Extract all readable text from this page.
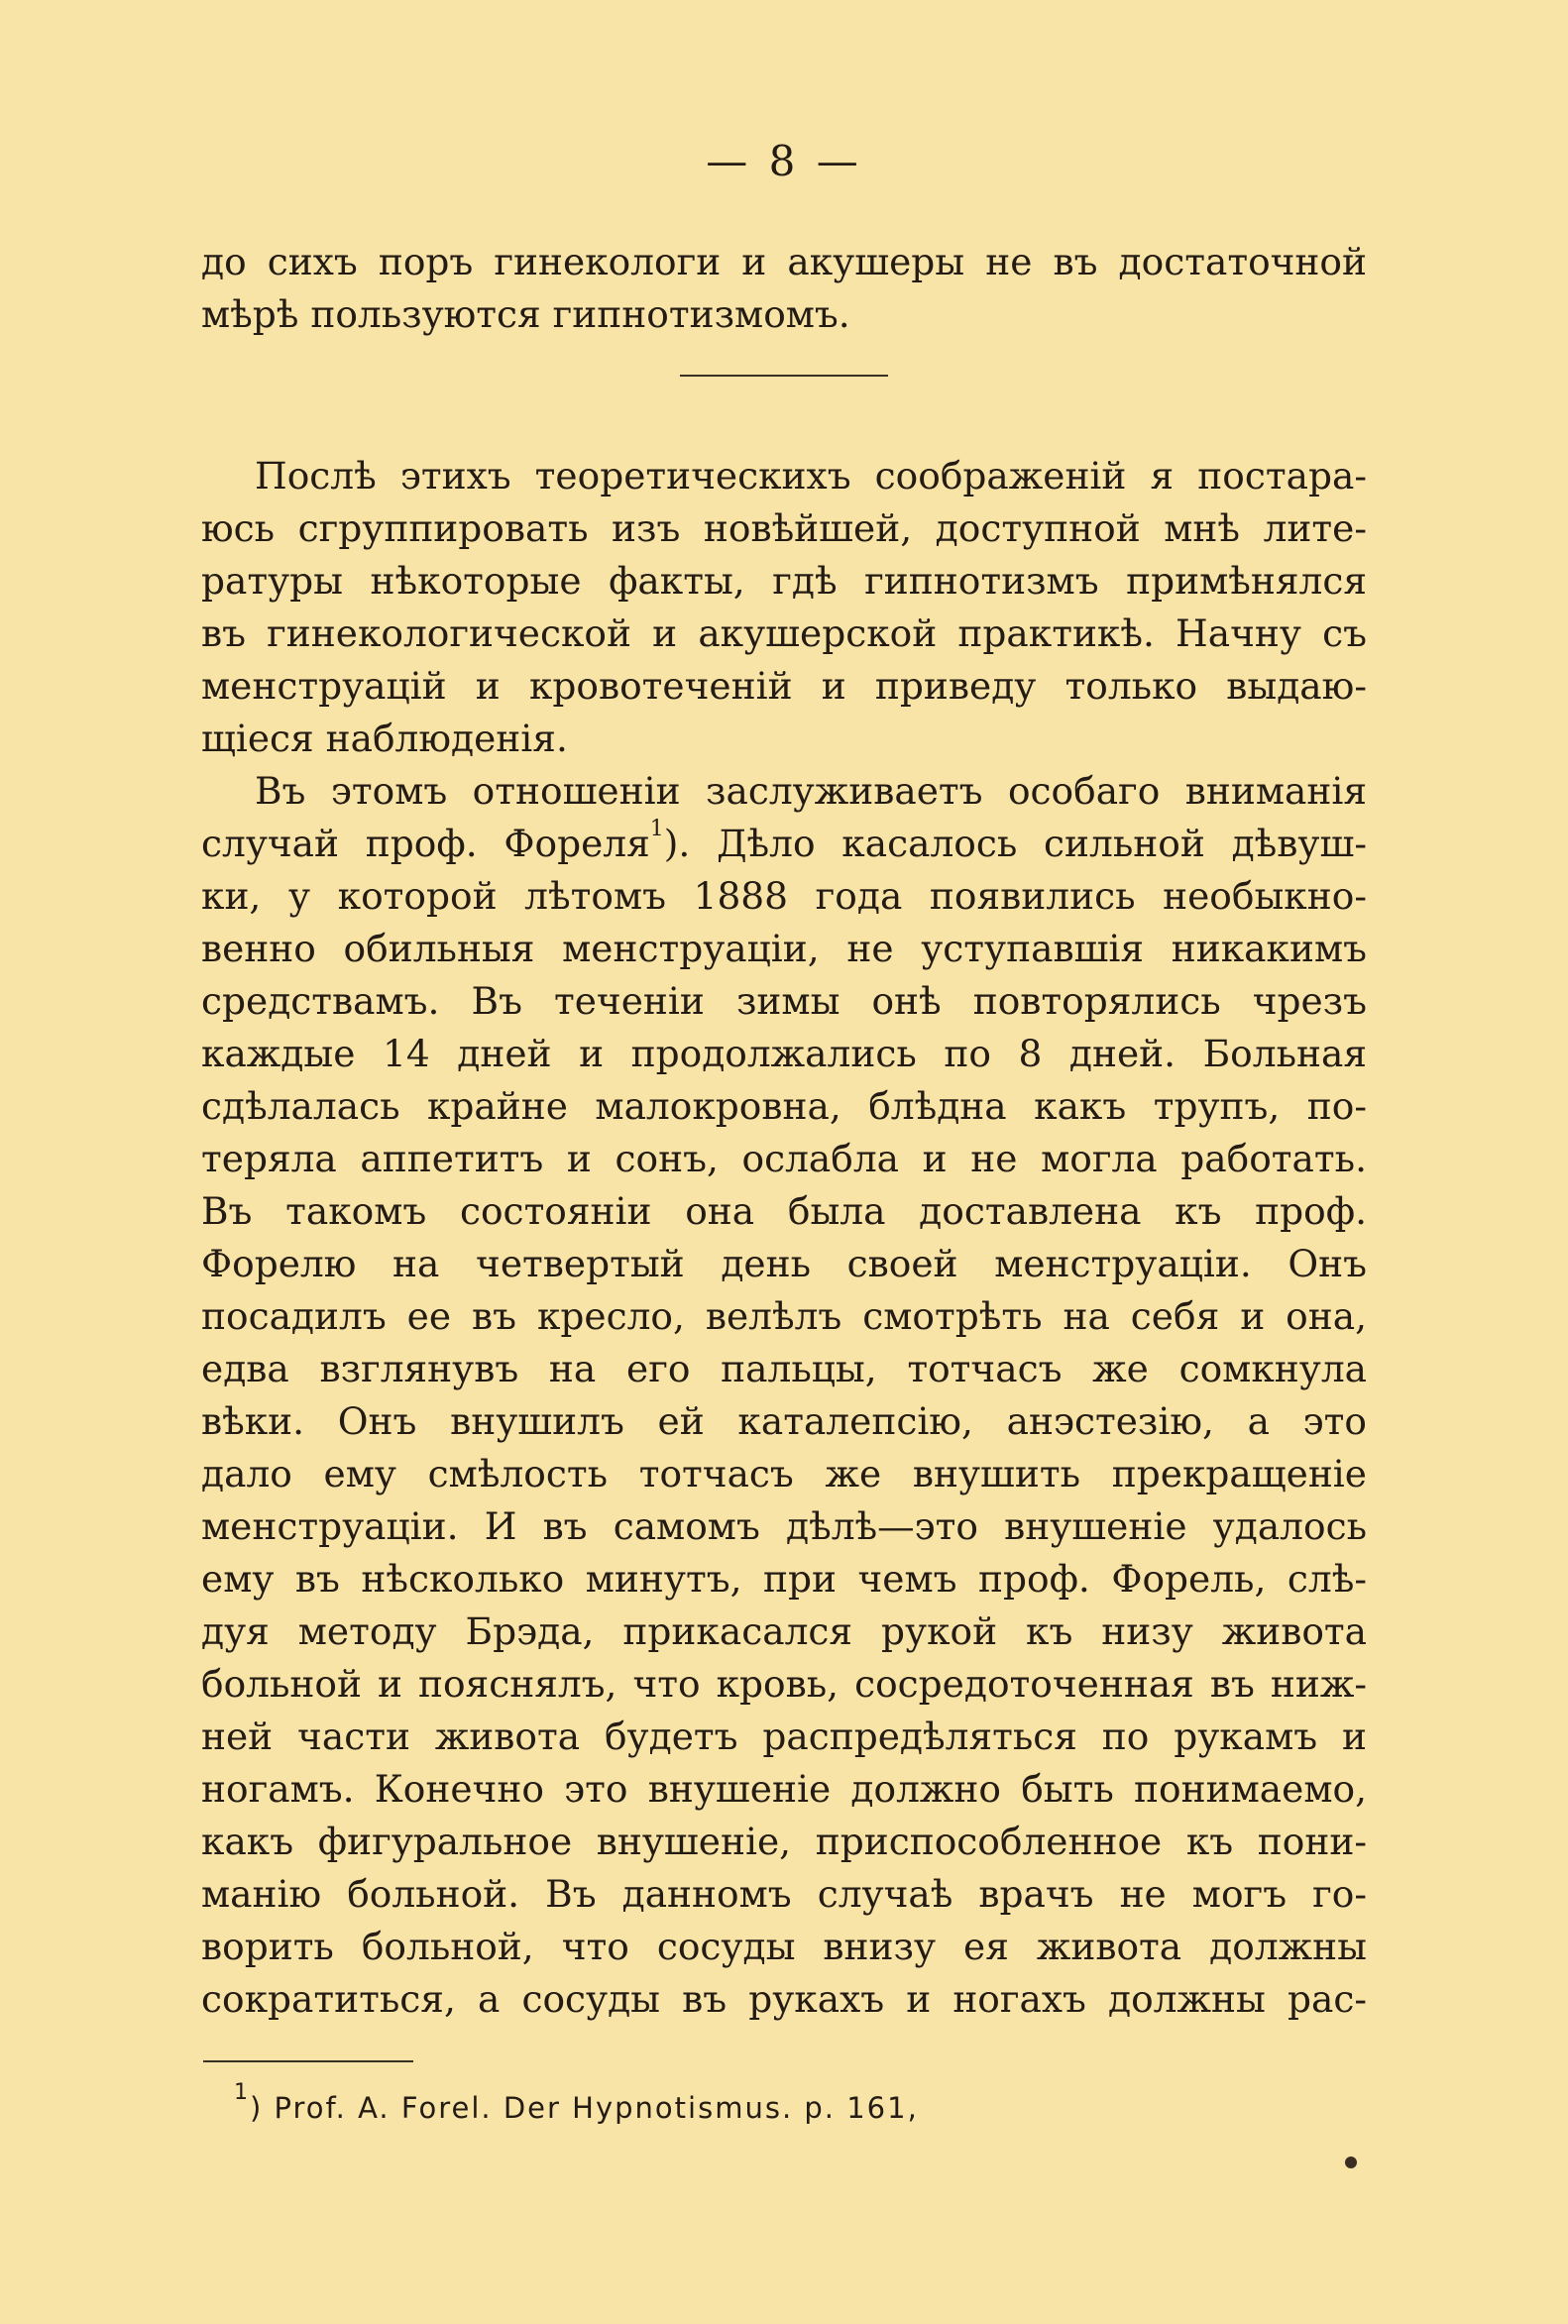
— 8 —
до сихъ поръ гинекологи и акушеры не въ достаточной
мѣрѣ пользуются гипнотизмомъ.
Послѣ этихъ теоретическихъ соображеній я постара-
юсь сгруппировать изъ новѣйшей, доступной мнѣ лите-
ратуры нѣкоторые факты, гдѣ гипнотизмъ примѣнялся
въ гинекологической и акушерской практикѣ. Начну съ
менструацій и кровотеченій и приведу только выдаю-
щіеся наблюденія.
Въ этомъ отношеніи заслуживаетъ особаго вниманія
случай проф. Фореля$^1$). Дѣло касалось сильной дѣвуш-
ки, у которой лѣтомъ 1888 года появились необыкно-
венно обильныя менструаціи, не уступавшія никакимъ
средствамъ. Въ теченіи зимы онѣ повторялись чрезъ
каждые 14 дней и продолжались по 8 дней. Больная
сдѣлалась крайне малокровна, блѣдна какъ трупъ, по-
теряла аппетитъ и сонъ, ослабла и не могла работать.
Въ такомъ состояніи она была доставлена къ проф.
Форелю на четвертый день своей менструаціи. Онъ
посадилъ ее въ кресло, велѣлъ смотрѣть на себя и она,
едва взглянувъ на его пальцы, тотчасъ же сомкнула
вѣки. Онъ внушилъ ей каталепсію, анэстезію, а это
дало ему смѣлость тотчасъ же внушить прекращеніе
менструаціи. И въ самомъ дѣлѣ—это внушеніе удалось
ему въ нѣсколько минутъ, при чемъ проф. Форель, слѣ-
дуя методу Брэда, прикасался рукой къ низу живота
больной и пояснялъ, что кровь, сосредоточенная въ ниж-
ней части живота будетъ распредѣляться по рукамъ и
ногамъ. Конечно это внушеніе должно быть понимаемо,
какъ фигуральное внушеніе, приспособленное къ пони-
манію больной. Въ данномъ случаѣ врачъ не могъ го-
ворить больной, что сосуды внизу ея живота должны
сократиться, а сосуды въ рукахъ и ногахъ должны рас-
$^1$) Prof. A. Forel. Der Hypnotismus. p. 161,
